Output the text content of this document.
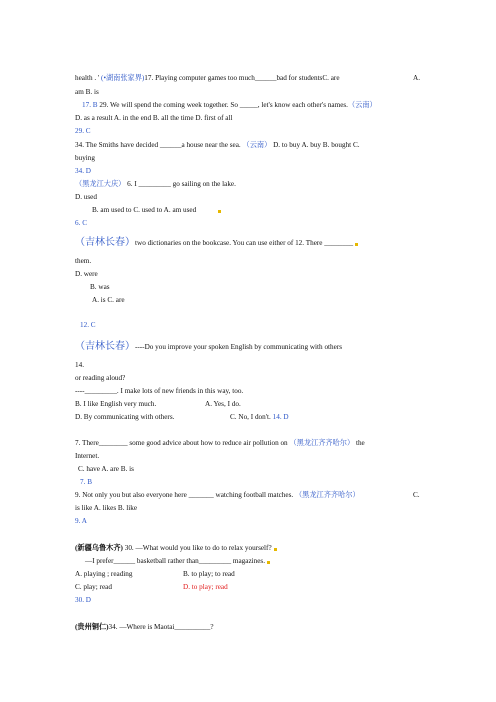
health . ' (•湖南张家界)17. Playing computer games too much______bad for studentsC. are	A.
am B. is
17. B 29. We will spend the coming week together. So _____, let's know each other's names.（云南）
D. as a result A. in the end B. all the time D. first of all
29. C
34. The Smiths have decided ______a house near the sea. （云南） D. to buy A. buy B. bought C.
buying
34. D
（黑龙江大庆） 6. I _________ go sailing on the lake.
D. used
B. am used to C. used to A. am used
6. C
（吉林长春）two dictionaries on the bookcase. You can use either of 12. There ________
them.
D. were
B. was
A. is C. are
12. C
（吉林长春）----Do you improve your spoken English by communicating with others
14.
or reading aloud?
----_________. I make lots of new friends in this way, too.
B. I like English very much.	A. Yes, I do.
D. By communicating with others.	C. No, I don't. 14. D
7. There________ some good advice about how to reduce air pollution on （黑龙江齐齐哈尔） the
Internet.
C. have A. are B. is
7. B
9. Not only you but also everyone here _______ watching football matches. （黑龙江齐齐哈尔）	C.
is like A. likes B. like
9. A
(新疆乌鲁木齐) 30. —What would you like to do to relax yourself?
—I prefer______ basketball rather than_________ magazines.
A. playing ; reading	B. to play; to read
C. play; read	D. to play; read
30. D
(贵州铜仁)34. —Where is Maotai__________?
